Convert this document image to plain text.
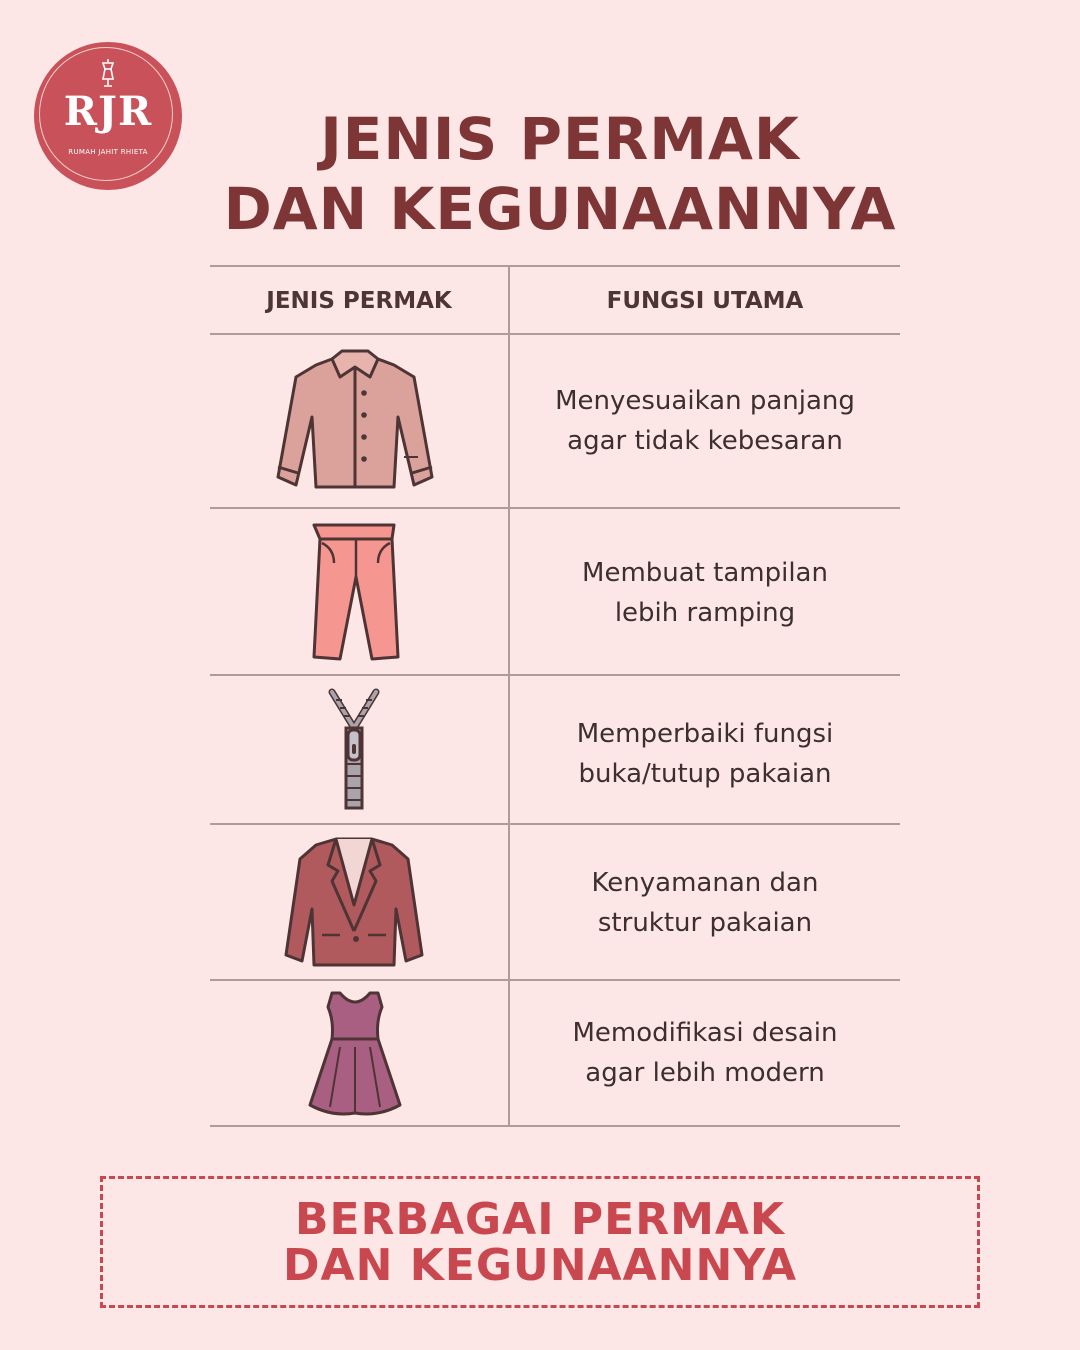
RJR
RUMAH JAHIT RHIETA	JENIS PERMAK
DAN KEGUNAANNYA
JENIS PERMAK	FUNGSI UTAMA
Menyesuaikan panjang
agar tidak kebesaran
Membuat tampilan
lebih ramping
Memperbaiki fungsi
buka/tutup pakaian
Kenyamanan dan
struktur pakaian
Memodifikasi desain
agar lebih modern
BERBAGAI PERMAK
DAN KEGUNAANNYA
